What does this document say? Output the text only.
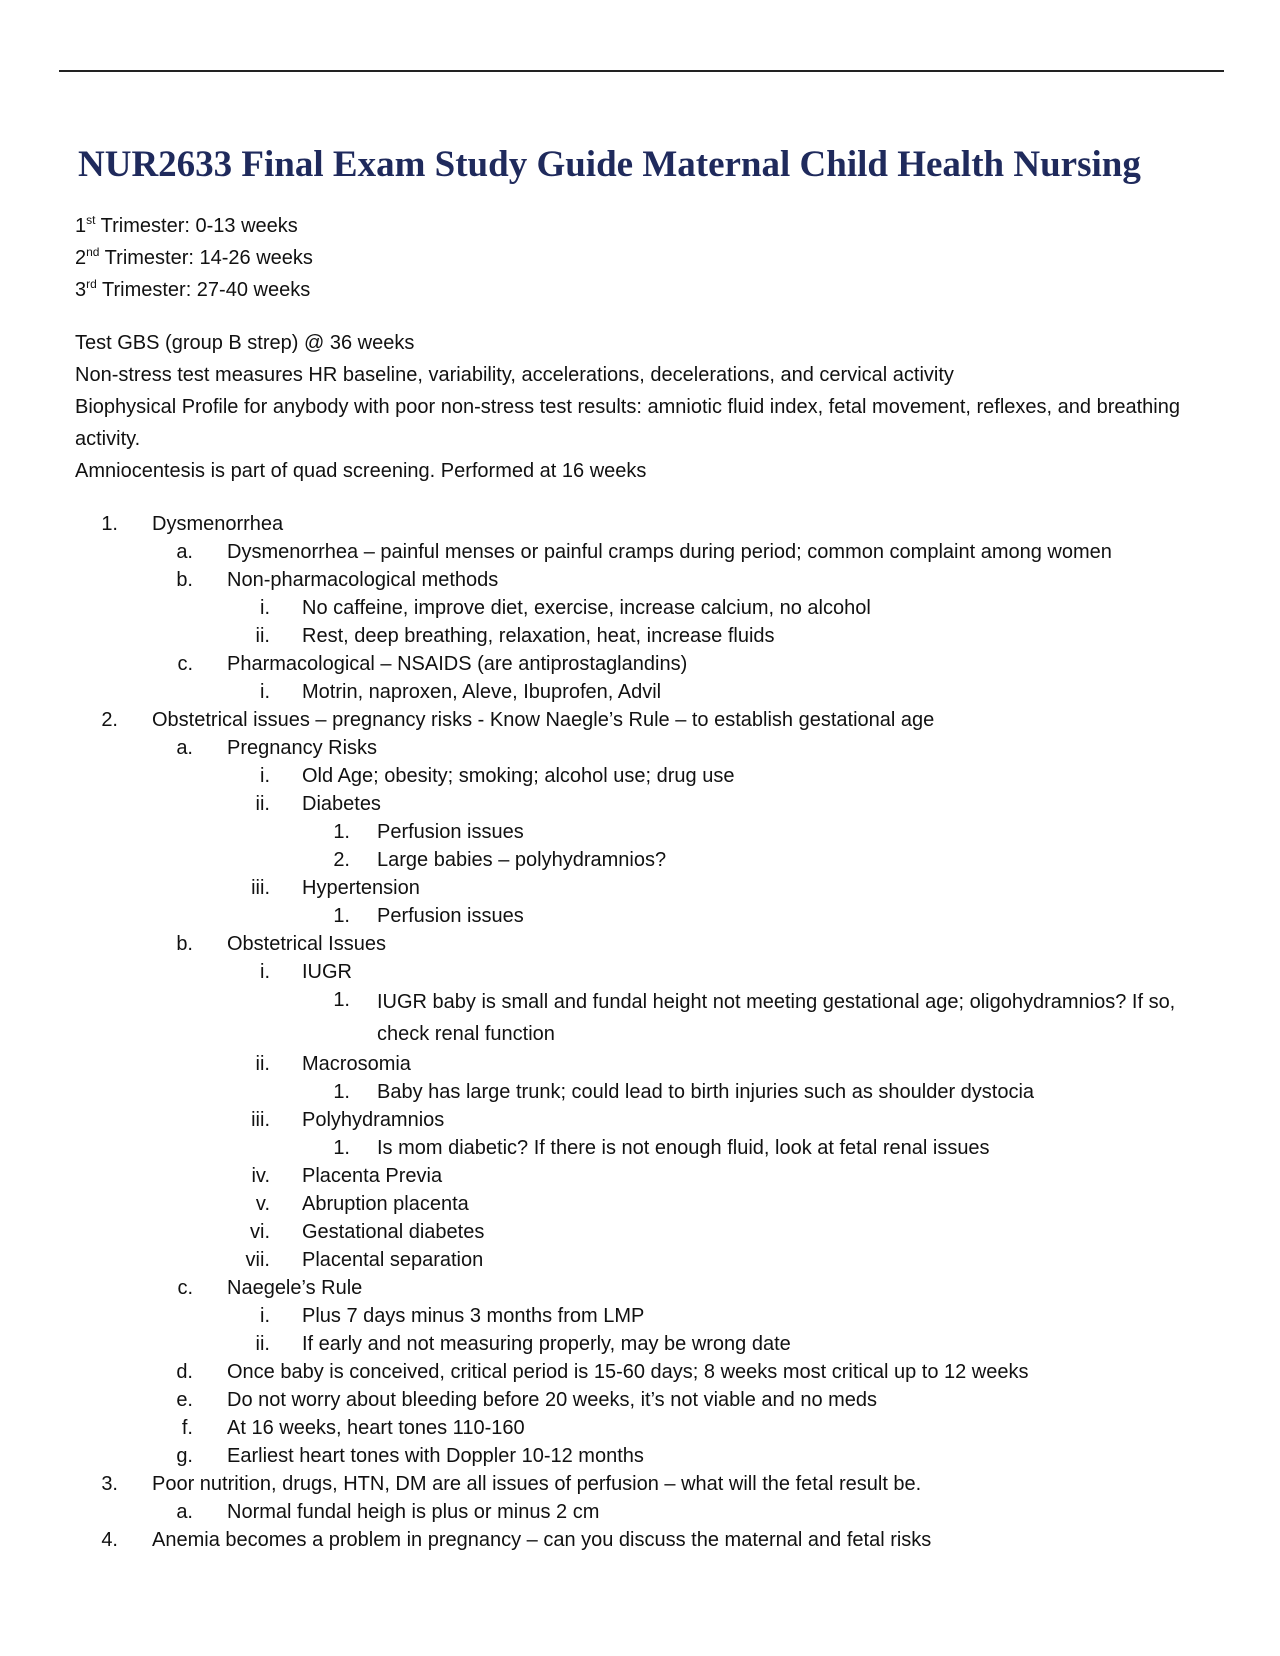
NUR2633 Final Exam Study Guide Maternal Child Health Nursing
1st Trimester: 0-13 weeks
2nd Trimester: 14-26 weeks
3rd Trimester: 27-40 weeks
Test GBS (group B strep) @ 36 weeks
Non-stress test measures HR baseline, variability, accelerations, decelerations, and cervical activity
Biophysical Profile for anybody with poor non-stress test results: amniotic fluid index, fetal movement, reflexes, and breathing activity.
Amniocentesis is part of quad screening. Performed at 16 weeks
1. Dysmenorrhea
a. Dysmenorrhea – painful menses or painful cramps during period; common complaint among women
b. Non-pharmacological methods
i. No caffeine, improve diet, exercise, increase calcium, no alcohol
ii. Rest, deep breathing, relaxation, heat, increase fluids
c. Pharmacological – NSAIDS (are antiprostaglandins)
i. Motrin, naproxen, Aleve, Ibuprofen, Advil
2. Obstetrical issues – pregnancy risks - Know Naegle’s Rule – to establish gestational age
a. Pregnancy Risks
i. Old Age; obesity; smoking; alcohol use; drug use
ii. Diabetes
1. Perfusion issues
2. Large babies – polyhydramnios?
iii. Hypertension
1. Perfusion issues
b. Obstetrical Issues
i. IUGR
1. IUGR baby is small and fundal height not meeting gestational age; oligohydramnios? If so, check renal function
ii. Macrosomia
1. Baby has large trunk; could lead to birth injuries such as shoulder dystocia
iii. Polyhydramnios
1. Is mom diabetic? If there is not enough fluid, look at fetal renal issues
iv. Placenta Previa
v. Abruption placenta
vi. Gestational diabetes
vii. Placental separation
c. Naegele’s Rule
i. Plus 7 days minus 3 months from LMP
ii. If early and not measuring properly, may be wrong date
d. Once baby is conceived, critical period is 15-60 days; 8 weeks most critical up to 12 weeks
e. Do not worry about bleeding before 20 weeks, it’s not viable and no meds
f. At 16 weeks, heart tones 110-160
g. Earliest heart tones with Doppler 10-12 months
3. Poor nutrition, drugs, HTN, DM are all issues of perfusion – what will the fetal result be.
a. Normal fundal heigh is plus or minus 2 cm
4. Anemia becomes a problem in pregnancy – can you discuss the maternal and fetal risks
